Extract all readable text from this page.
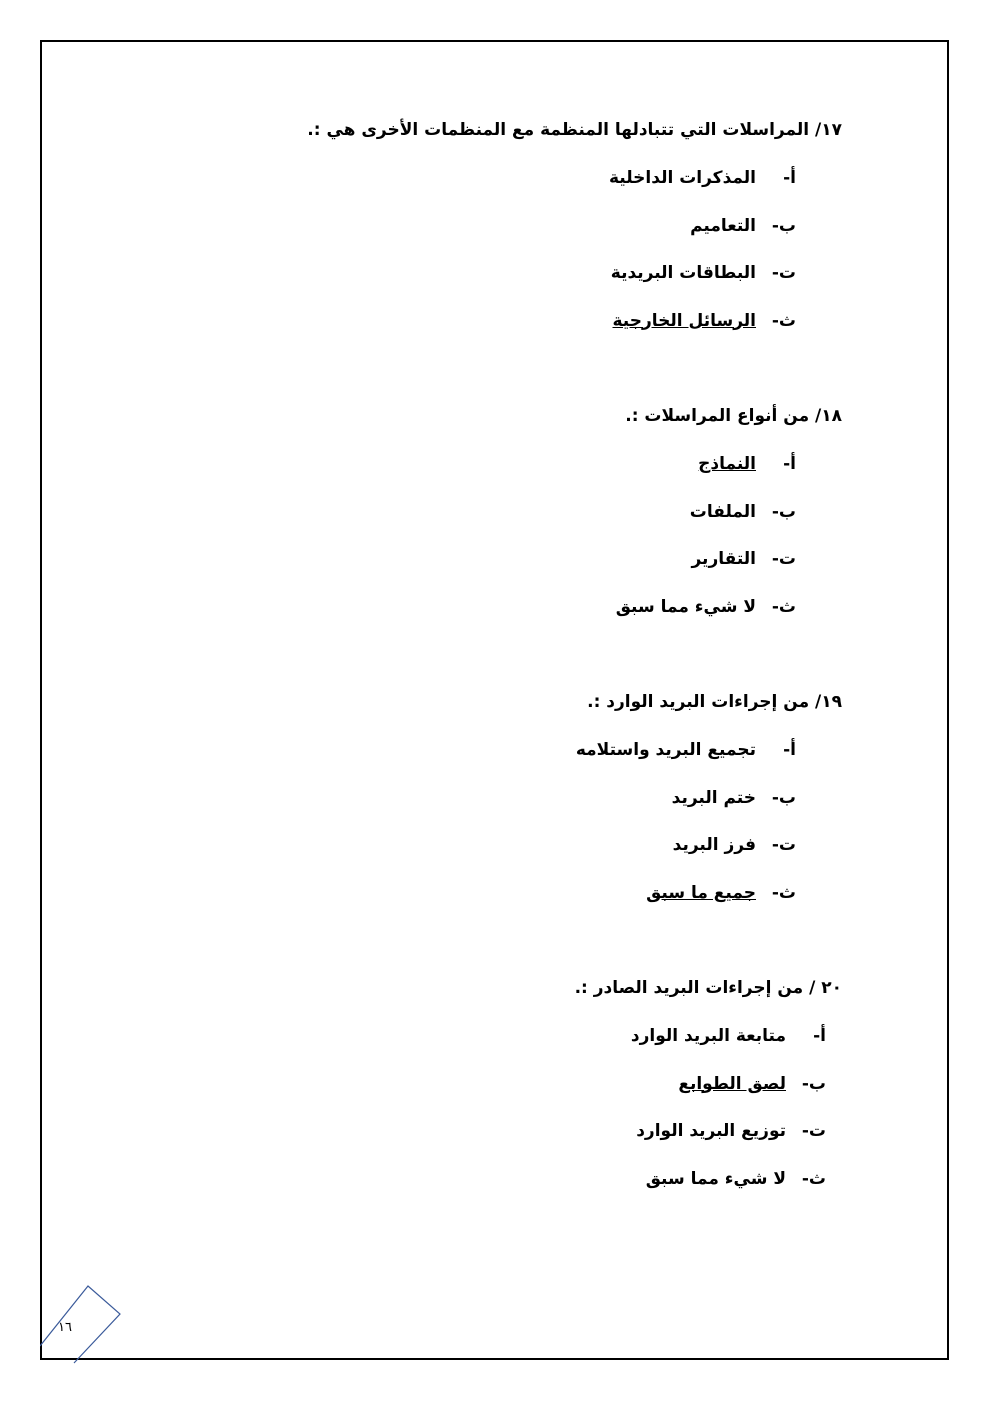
١٧/ المراسلات التي تتبادلها المنظمة مع المنظمات الأخرى هي :.
أ-
المذكرات الداخلية
ب-
التعاميم
ت-
البطاقات البريدية
ث-
الرسائل الخارجية
١٨/ من أنواع المراسلات :.
أ-
النماذج
ب-
الملفات
ت-
التقارير
ث-
لا شيء مما سبق
١٩/ من إجراءات البريد الوارد :.
أ-
تجميع البريد واستلامه
ب-
ختم البريد
ت-
فرز البريد
ث-
جميع ما سبق
٢٠ / من إجراءات البريد الصادر :.
أ-
متابعة البريد الوارد
ب-
لصق الطوابع
ت-
توزيع البريد الوارد
ث-
لا شيء مما سبق
١٦
